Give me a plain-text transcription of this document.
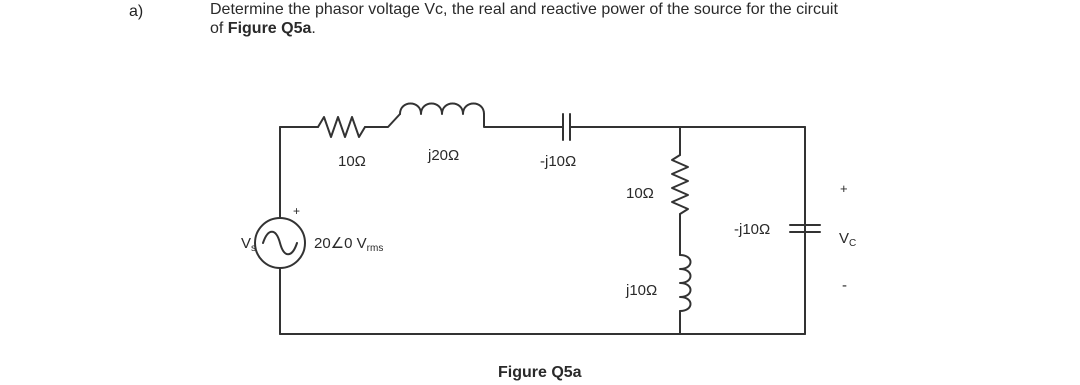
a)	Determine the phasor voltage Vc, the real and reactive power of the source for the circuit
of Figure Q5a.
10Ω	j20Ω	-j10Ω
10Ω
j10Ω
-j10Ω
+
$V_s$	20∠0 $V_{rms}$
+
$V_C$
-
Figure Q5a
